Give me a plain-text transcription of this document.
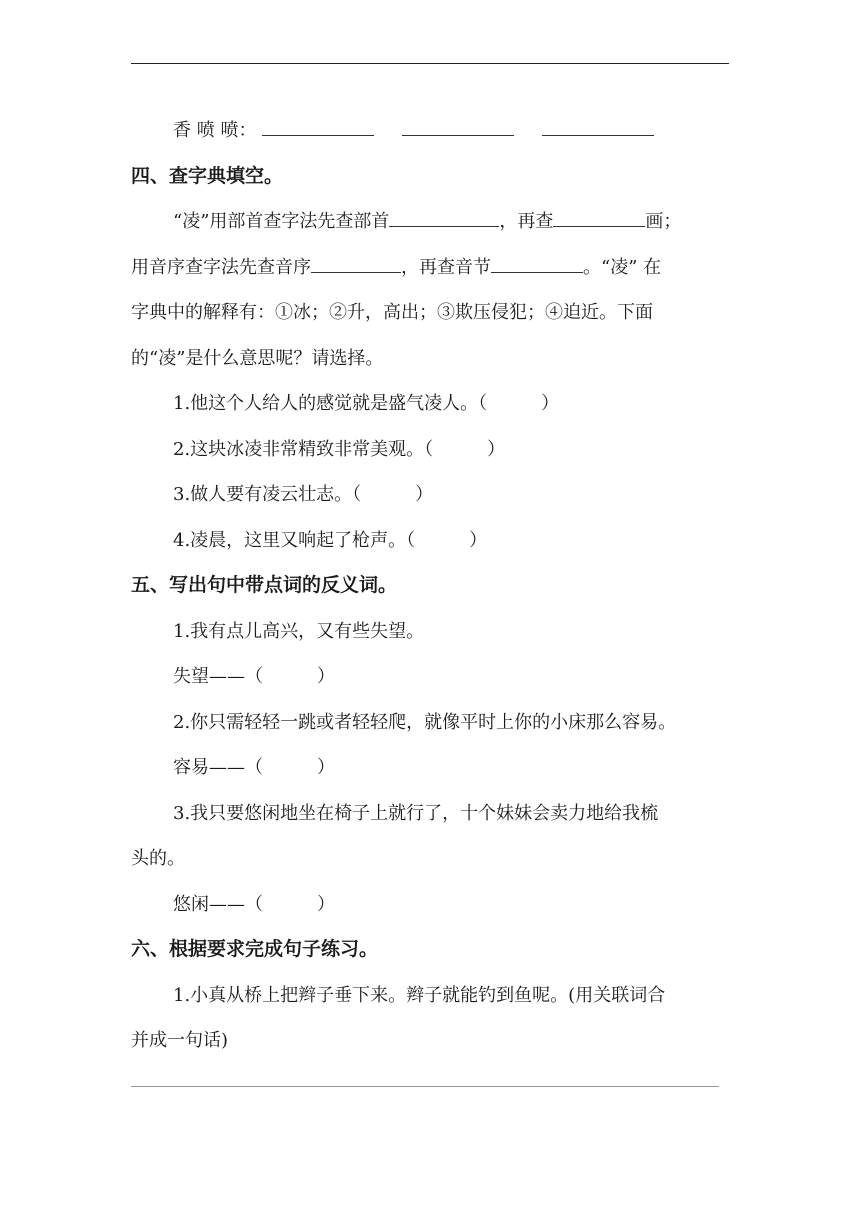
香 喷 喷：
四、查字典填空。
“凌”用部首查字法先查部首	，再查	画；
用音序查字法先查音序	，再查音节	。“凌” 在
字典中的解释有：①冰；②升，高出；③欺压侵犯；④迫近。下面
的“凌”是什么意思呢？请选择。
1.他这个人给人的感觉就是盛气凌人。（　　　）
2.这块冰凌非常精致非常美观。（　　　）
3.做人要有凌云壮志。（　　　）
4.凌晨，这里又响起了枪声。（　　　）
五、写出句中带点词的反义词。
1.我有点儿高兴，又有些失望。
失望——（　　　）
2.你只需轻轻一跳或者轻轻爬，就像平时上你的小床那么容易。
容易——（　　　）
3.我只要悠闲地坐在椅子上就行了，十个妹妹会卖力地给我梳
头的。
悠闲——（　　　）
六、根据要求完成句子练习。
1.小真从桥上把辫子垂下来。辫子就能钓到鱼呢。(用关联词合
并成一句话)
